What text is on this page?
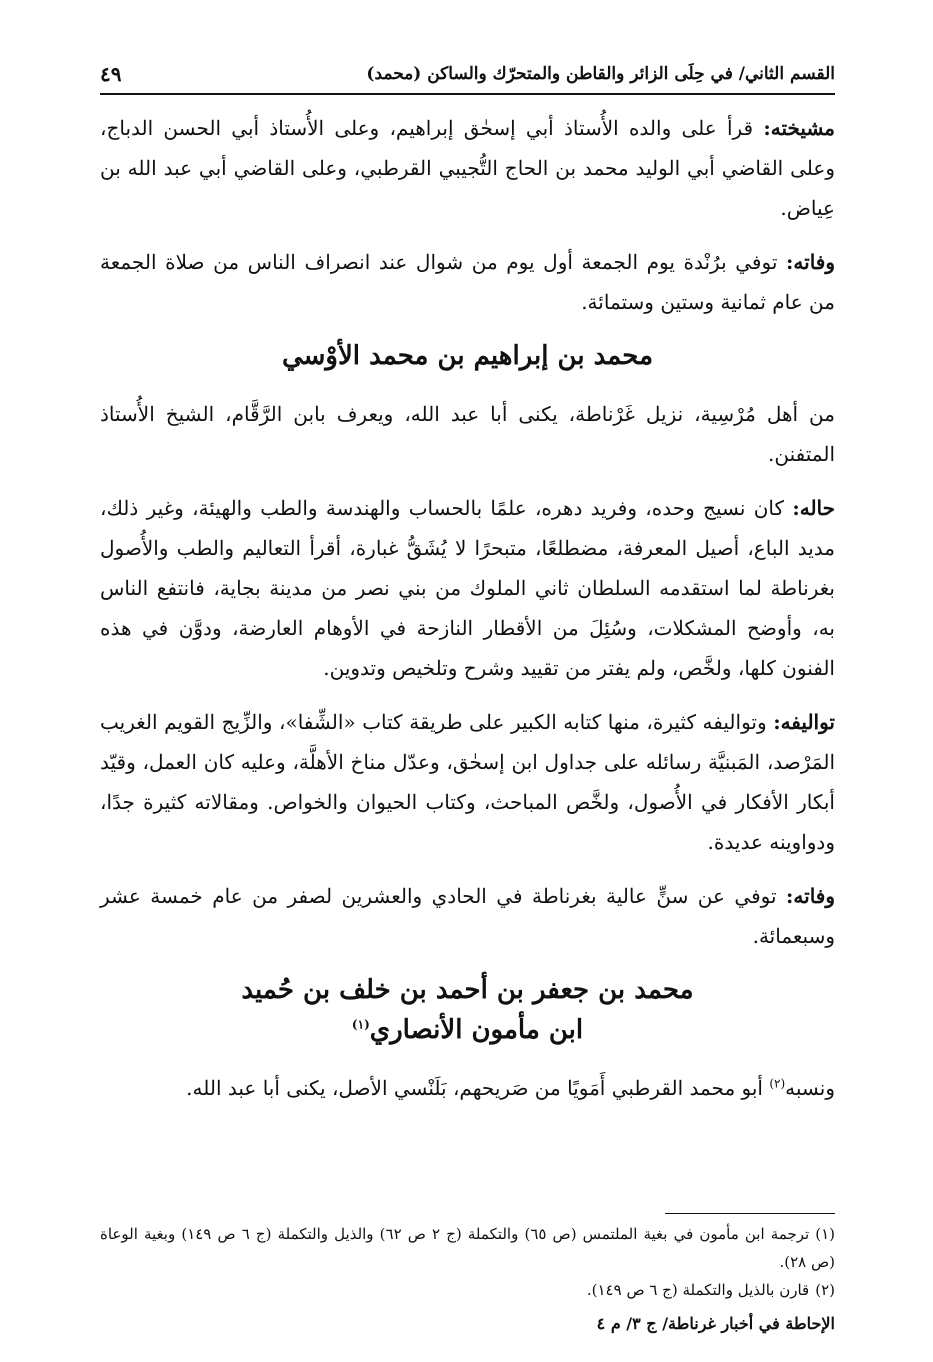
القسم الثاني/ في حِلَى الزائر والقاطن والمتحرّك والساكن (محمد)
٤٩

مشيخته: قرأ على والده الأُستاذ أبي إسحٰق إبراهيم، وعلى الأُستاذ أبي الحسن الدباج، وعلى القاضي أبي الوليد محمد بن الحاج التُّجيبي القرطبي، وعلى القاضي أبي عبد الله بن عِياض.

وفاته: توفي برُنْدة يوم الجمعة أول يوم من شوال عند انصراف الناس من صلاة الجمعة من عام ثمانية وستين وستمائة.

محمد بن إبراهيم بن محمد الأوْسي

من أهل مُرْسِية، نزيل غَرْناطة، يكنى أبا عبد الله، ويعرف بابن الرَّقَّام، الشيخ الأُستاذ المتفنن.

حاله: كان نسيج وحده، وفريد دهره، علمًا بالحساب والهندسة والطب والهيئة، وغير ذلك، مديد الباع، أصيل المعرفة، مضطلعًا، متبحرًا لا يُشَقُّ غبارة، أقرأ التعاليم والطب والأُصول بغرناطة لما استقدمه السلطان ثاني الملوك من بني نصر من مدينة بجاية، فانتفع الناس به، وأوضح المشكلات، وسُئِلَ من الأقطار النازحة في الأوهام العارضة، ودوَّن في هذه الفنون كلها، ولخَّص، ولم يفتر من تقييد وشرح وتلخيص وتدوين.

تواليفه: وتواليفه كثيرة، منها كتابه الكبير على طريقة كتاب «الشِّفا»، والزِّيج القويم الغريب المَرْصد، المَبنيَّة رسائله على جداول ابن إسحٰق، وعدّل مناخ الأهلَّة، وعليه كان العمل، وقيّد أبكار الأفكار في الأُصول، ولخَّص المباحث، وكتاب الحيوان والخواص. ومقالاته كثيرة جدًا، ودواوينه عديدة.

وفاته: توفي عن سنٍّ عالية بغرناطة في الحادي والعشرين لصفر من عام خمسة عشر وسبعمائة.

محمد بن جعفر بن أحمد بن خلف بن حُميد
ابن مأمون الأنصاري$^{(١)}$

ونسبه$^{(٢)}$ أبو محمد القرطبي أَمَويًا من صَريحهم، بَلَنْسي الأصل، يكنى أبا عبد الله.

(١)ترجمة ابن مأمون في بغية الملتمس (ص ٦٥) والتكملة (ج ٢ ص ٦٢) والذيل والتكملة (ج ٦ ص ١٤٩) وبغية الوعاة (ص ٢٨).

(٢)قارن بالذيل والتكملة (ج ٦ ص ١٤٩).

الإحاطة في أخبار غرناطة/ ج ٣/ م ٤
